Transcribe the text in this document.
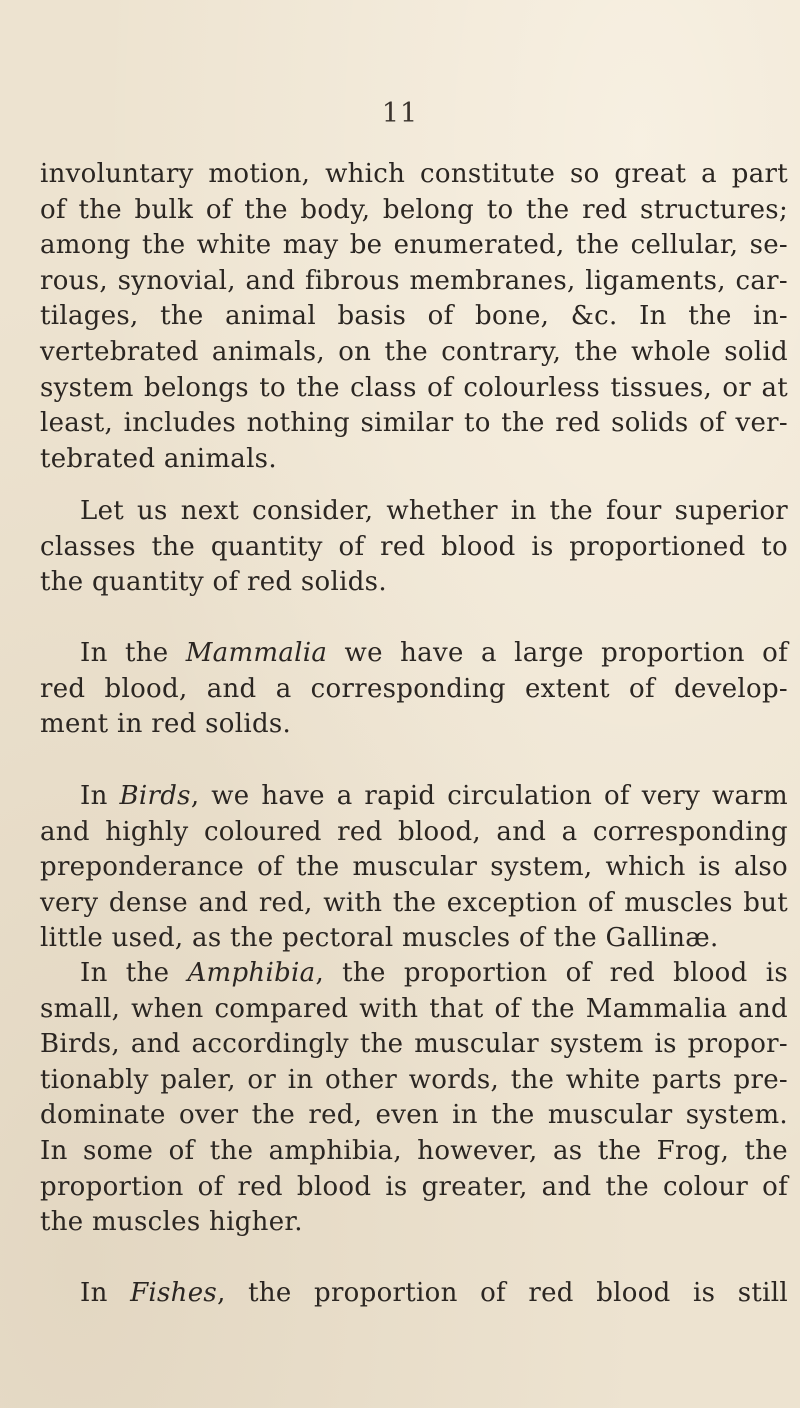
11
involuntary motion, which constitute so great a part
of the bulk of the body, belong to the red structures;
among the white may be enumerated, the cellular, se-
rous, synovial, and fibrous membranes, ligaments, car-
tilages, the animal basis of bone, &c. In the in-
vertebrated animals, on the contrary, the whole solid
system belongs to the class of colourless tissues, or at
least, includes nothing similar to the red solids of ver-
tebrated animals.
Let us next consider, whether in the four superior
classes the quantity of red blood is proportioned to
the quantity of red solids.
In the Mammalia we have a large proportion of
red blood, and a corresponding extent of develop-
ment in red solids.
In Birds, we have a rapid circulation of very warm
and highly coloured red blood, and a corresponding
preponderance of the muscular system, which is also
very dense and red, with the exception of muscles but
little used, as the pectoral muscles of the Gallinæ.
In the Amphibia, the proportion of red blood is
small, when compared with that of the Mammalia and
Birds, and accordingly the muscular system is propor-
tionably paler, or in other words, the white parts pre-
dominate over the red, even in the muscular system.
In some of the amphibia, however, as the Frog, the
proportion of red blood is greater, and the colour of
the muscles higher.
In Fishes, the proportion of red blood is still
